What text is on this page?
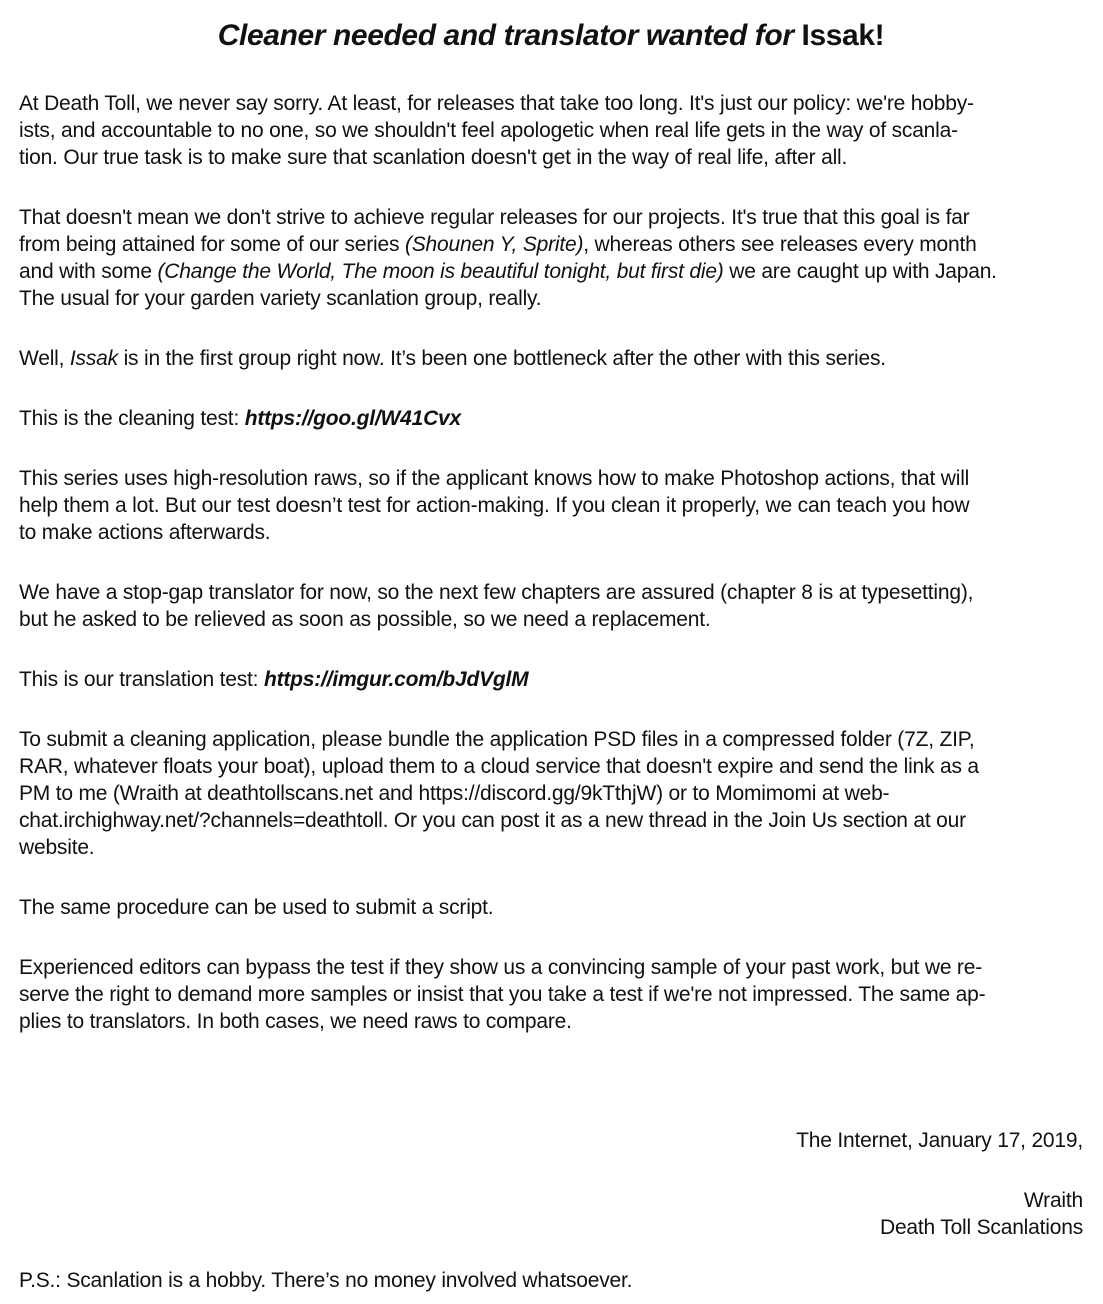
Cleaner needed and translator wanted for Issak!

At Death Toll, we never say sorry. At least, for releases that take too long. It's just our policy: we're hobby-
ists, and accountable to no one, so we shouldn't feel apologetic when real life gets in the way of scanla-
tion. Our true task is to make sure that scanlation doesn't get in the way of real life, after all.

That doesn't mean we don't strive to achieve regular releases for our projects. It's true that this goal is far
from being attained for some of our series (Shounen Y, Sprite), whereas others see releases every month
and with some (Change the World, The moon is beautiful tonight, but first die) we are caught up with Japan.
The usual for your garden variety scanlation group, really.

Well, Issak is in the first group right now. It’s been one bottleneck after the other with this series.

This is the cleaning test: https://goo.gl/W41Cvx

This series uses high-resolution raws, so if the applicant knows how to make Photoshop actions, that will
help them a lot. But our test doesn’t test for action-making. If you clean it properly, we can teach you how
to make actions afterwards.

We have a stop-gap translator for now, so the next few chapters are assured (chapter 8 is at typesetting),
but he asked to be relieved as soon as possible, so we need a replacement.

This is our translation test: https://imgur.com/bJdVglM

To submit a cleaning application, please bundle the application PSD files in a compressed folder (7Z, ZIP,
RAR, whatever floats your boat), upload them to a cloud service that doesn't expire and send the link as a
PM to me (Wraith at deathtollscans.net and https://discord.gg/9kTthjW) or to Momimomi at web-
chat.irchighway.net/?channels=deathtoll. Or you can post it as a new thread in the Join Us section at our
website.

The same procedure can be used to submit a script.

Experienced editors can bypass the test if they show us a convincing sample of your past work, but we re-
serve the right to demand more samples or insist that you take a test if we're not impressed. The same ap-
plies to translators. In both cases, we need raws to compare.

The Internet, January 17, 2019,

Wraith
Death Toll Scanlations

P.S.: Scanlation is a hobby. There’s no money involved whatsoever.
